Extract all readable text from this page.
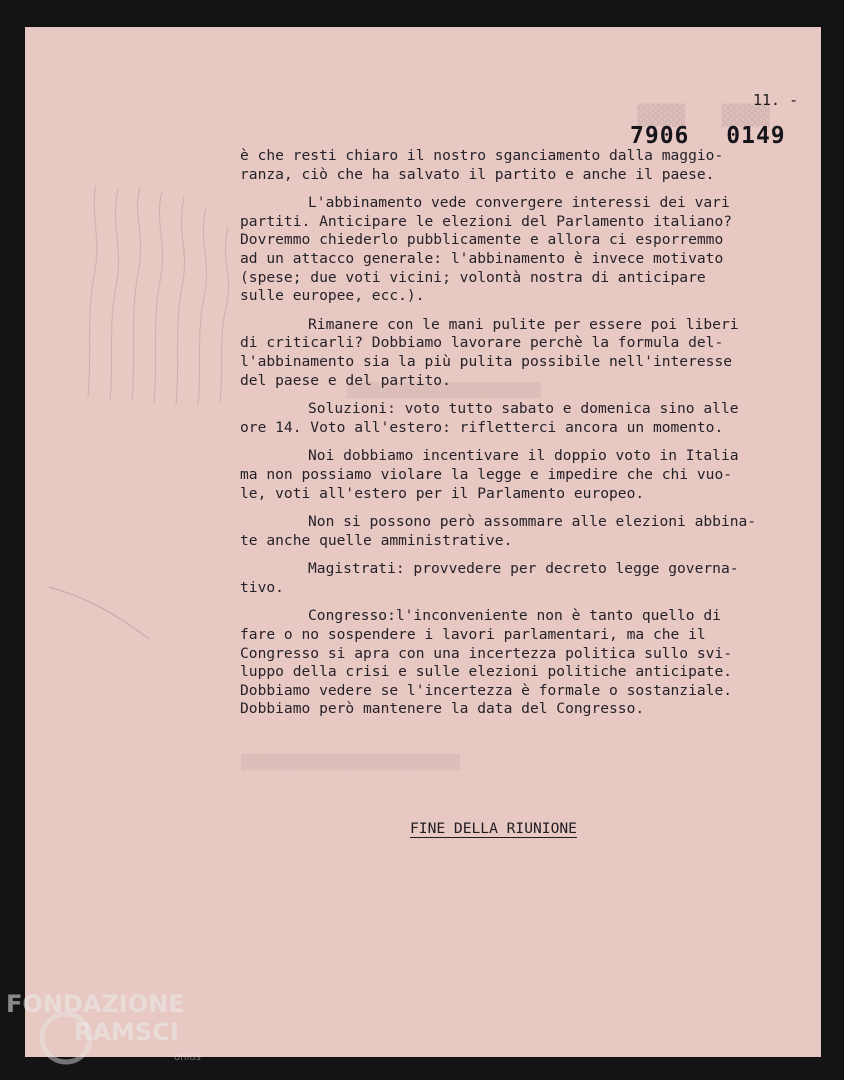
▓▓▓▓ ▓▓▓▓
11. -
7906 0149
▒▒▒▒▒▒▒▒▒▒▒▒▒▒▒▒▒▒▒▒▒▒▒
▒▒▒▒▒▒▒▒▒▒▒▒▒▒▒▒▒▒▒▒▒▒▒▒▒▒

è che resti chiaro il nostro sganciamento dalla maggio-
ranza, ciò che ha salvato il partito e anche il paese.

L'abbinamento vede convergere interessi dei vari
partiti. Anticipare le elezioni del Parlamento italiano?
Dovremmo chiederlo pubblicamente e allora ci esporremmo
ad un attacco generale: l'abbinamento è invece motivato
(spese; due voti vicini; volontà nostra di anticipare
sulle europee, ecc.).

Rimanere con le mani pulite per essere poi liberi
di criticarli? Dobbiamo lavorare perchè la formula del-
l'abbinamento sia la più pulita possibile nell'interesse
del paese e del partito.

Soluzioni: voto tutto sabato e domenica sino alle
ore 14. Voto all'estero: rifletterci ancora un momento.

Noi dobbiamo incentivare il doppio voto in Italia
ma non possiamo violare la legge e impedire che chi vuo-
le, voti all'estero per il Parlamento europeo.

Non si possono però assommare alle elezioni abbina-
te anche quelle amministrative.

Magistrati: provvedere per decreto legge governa-
tivo.

Congresso:l'inconveniente non è tanto quello di
fare o no sospendere i lavori parlamentari, ma che il
Congresso si apra con una incertezza politica sullo svi-
luppo della crisi e sulle elezioni politiche anticipate.
Dobbiamo vedere se l'incertezza è formale o sostanziale.
Dobbiamo però mantenere la data del Congresso.

FINE DELLA RIUNIONE
FONDAZIONE
RAMSCI
onlus
